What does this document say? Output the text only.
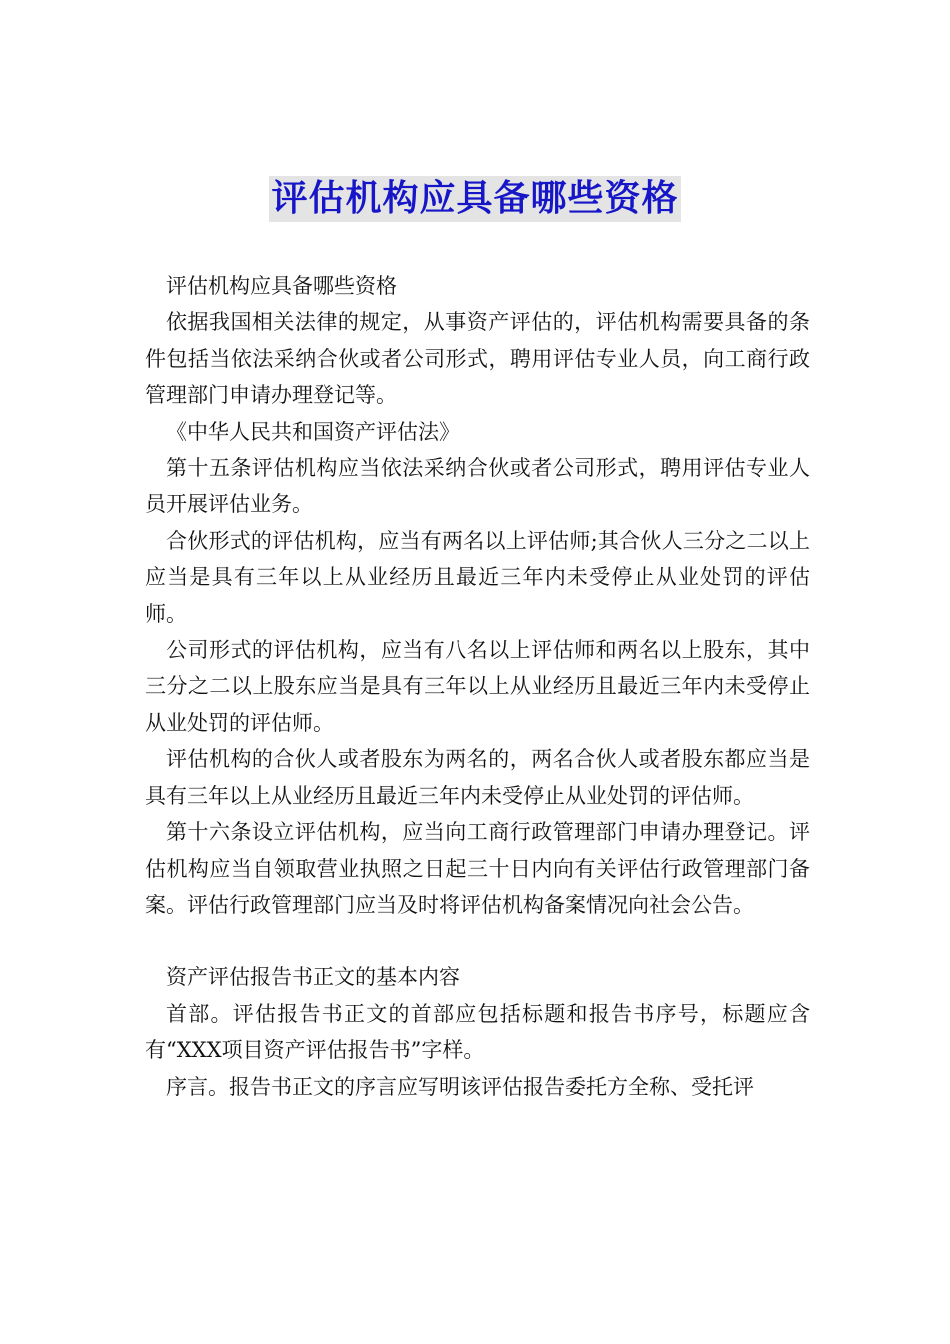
评估机构应具备哪些资格

评估机构应具备哪些资格

依据我国相关法律的规定，从事资产评估的，评估机构需要具备的条件包括当依法采纳合伙或者公司形式，聘用评估专业人员，向工商行政管理部门申请办理登记等。

《中华人民共和国资产评估法》

第十五条评估机构应当依法采纳合伙或者公司形式，聘用评估专业人员开展评估业务。

合伙形式的评估机构，应当有两名以上评估师;其合伙人三分之二以上应当是具有三年以上从业经历且最近三年内未受停止从业处罚的评估师。

公司形式的评估机构，应当有八名以上评估师和两名以上股东，其中三分之二以上股东应当是具有三年以上从业经历且最近三年内未受停止从业处罚的评估师。

评估机构的合伙人或者股东为两名的，两名合伙人或者股东都应当是具有三年以上从业经历且最近三年内未受停止从业处罚的评估师。

第十六条设立评估机构，应当向工商行政管理部门申请办理登记。评估机构应当自领取营业执照之日起三十日内向有关评估行政管理部门备案。评估行政管理部门应当及时将评估机构备案情况向社会公告。

资产评估报告书正文的基本内容

首部。评估报告书正文的首部应包括标题和报告书序号，标题应含有“XXX项目资产评估报告书”字样。

序言。报告书正文的序言应写明该评估报告委托方全称、受托评
